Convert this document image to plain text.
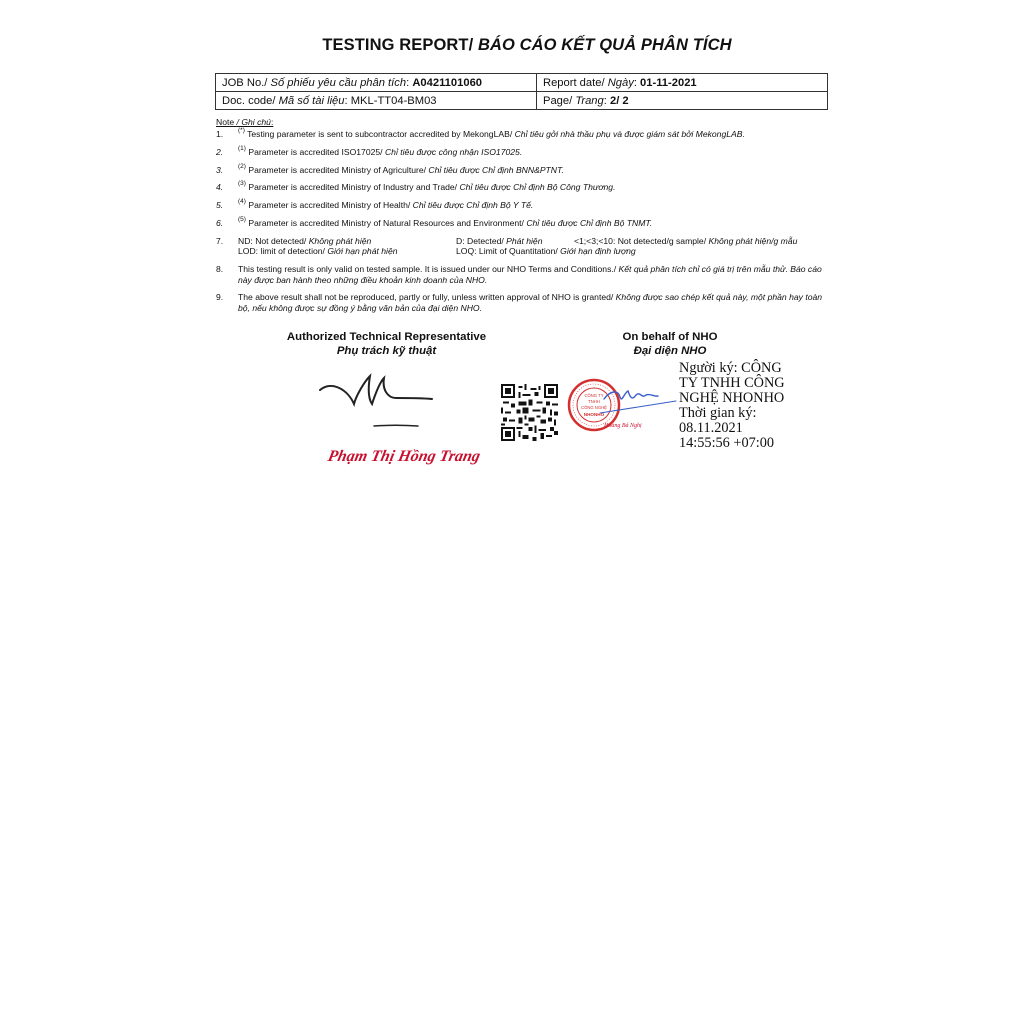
TESTING REPORT/ BÁO CÁO KẾT QUẢ PHÂN TÍCH
JOB No./ Số phiếu yêu cầu phân tích: A0421101060	Report date/ Ngày: 01-11-2021
Doc. code/ Mã số tài liệu: MKL-TT04-BM03	Page/ Trang: 2/ 2
Note / Ghi chú:
1. (*) Testing parameter is sent to subcontractor accredited by MekongLAB/ Chỉ tiêu gởi nhà thầu phụ và được giám sát bởi MekongLAB.
2. $^{(1)}$ Parameter is accredited ISO17025/ Chỉ tiêu được công nhận ISO17025.
3. $^{(2)}$ Parameter is accredited Ministry of Agriculture/ Chỉ tiêu được Chỉ định BNN&PTNT.
4. $^{(3)}$ Parameter is accredited Ministry of Industry and Trade/ Chỉ tiêu được Chỉ định Bộ Công Thương.
5. $^{(4)}$ Parameter is accredited Ministry of Health/ Chỉ tiêu được Chỉ định Bộ Y Tế.
6. $^{(5)}$ Parameter is accredited Ministry of Natural Resources and Environment/ Chỉ tiêu được Chỉ định Bộ TNMT.
7. ND: Not detected/ Không phát hiện	D: Detected/ Phát hiện	<1;<3;<10: Not detected/g sample/ Không phát hiện/g mẫu
LOD: limit of detection/ Giới hạn phát hiện	LOQ: Limit of Quantitation/ Giới hạn định lượng
8. This testing result is only valid on tested sample. It is issued under our NHO Terms and Conditions./ Kết quả phân tích chỉ có giá trị trên mẫu thử. Báo cáo này được ban hành theo những điều khoản kinh doanh của NHO.
9. The above result shall not be reproduced, partly or fully, unless written approval of NHO is granted/ Không được sao chép kết quả này, một phần hay toàn bộ, nếu không được sự đồng ý bằng văn bản của đại diện NHO.
Authorized Technical Representative
Phụ trách kỹ thuật
Phạm Thị Hồng Trang
On behalf of NHO
Đại diện NHO
CÔNG TY
TNHH
CÔNG NGHỆ
NHONHO
Hoàng Bá Nghị
Người ký: CÔNG
TY TNHH CÔNG
NGHỆ NHONHO
Thời gian ký:
08.11.2021
14:55:56 +07:00
